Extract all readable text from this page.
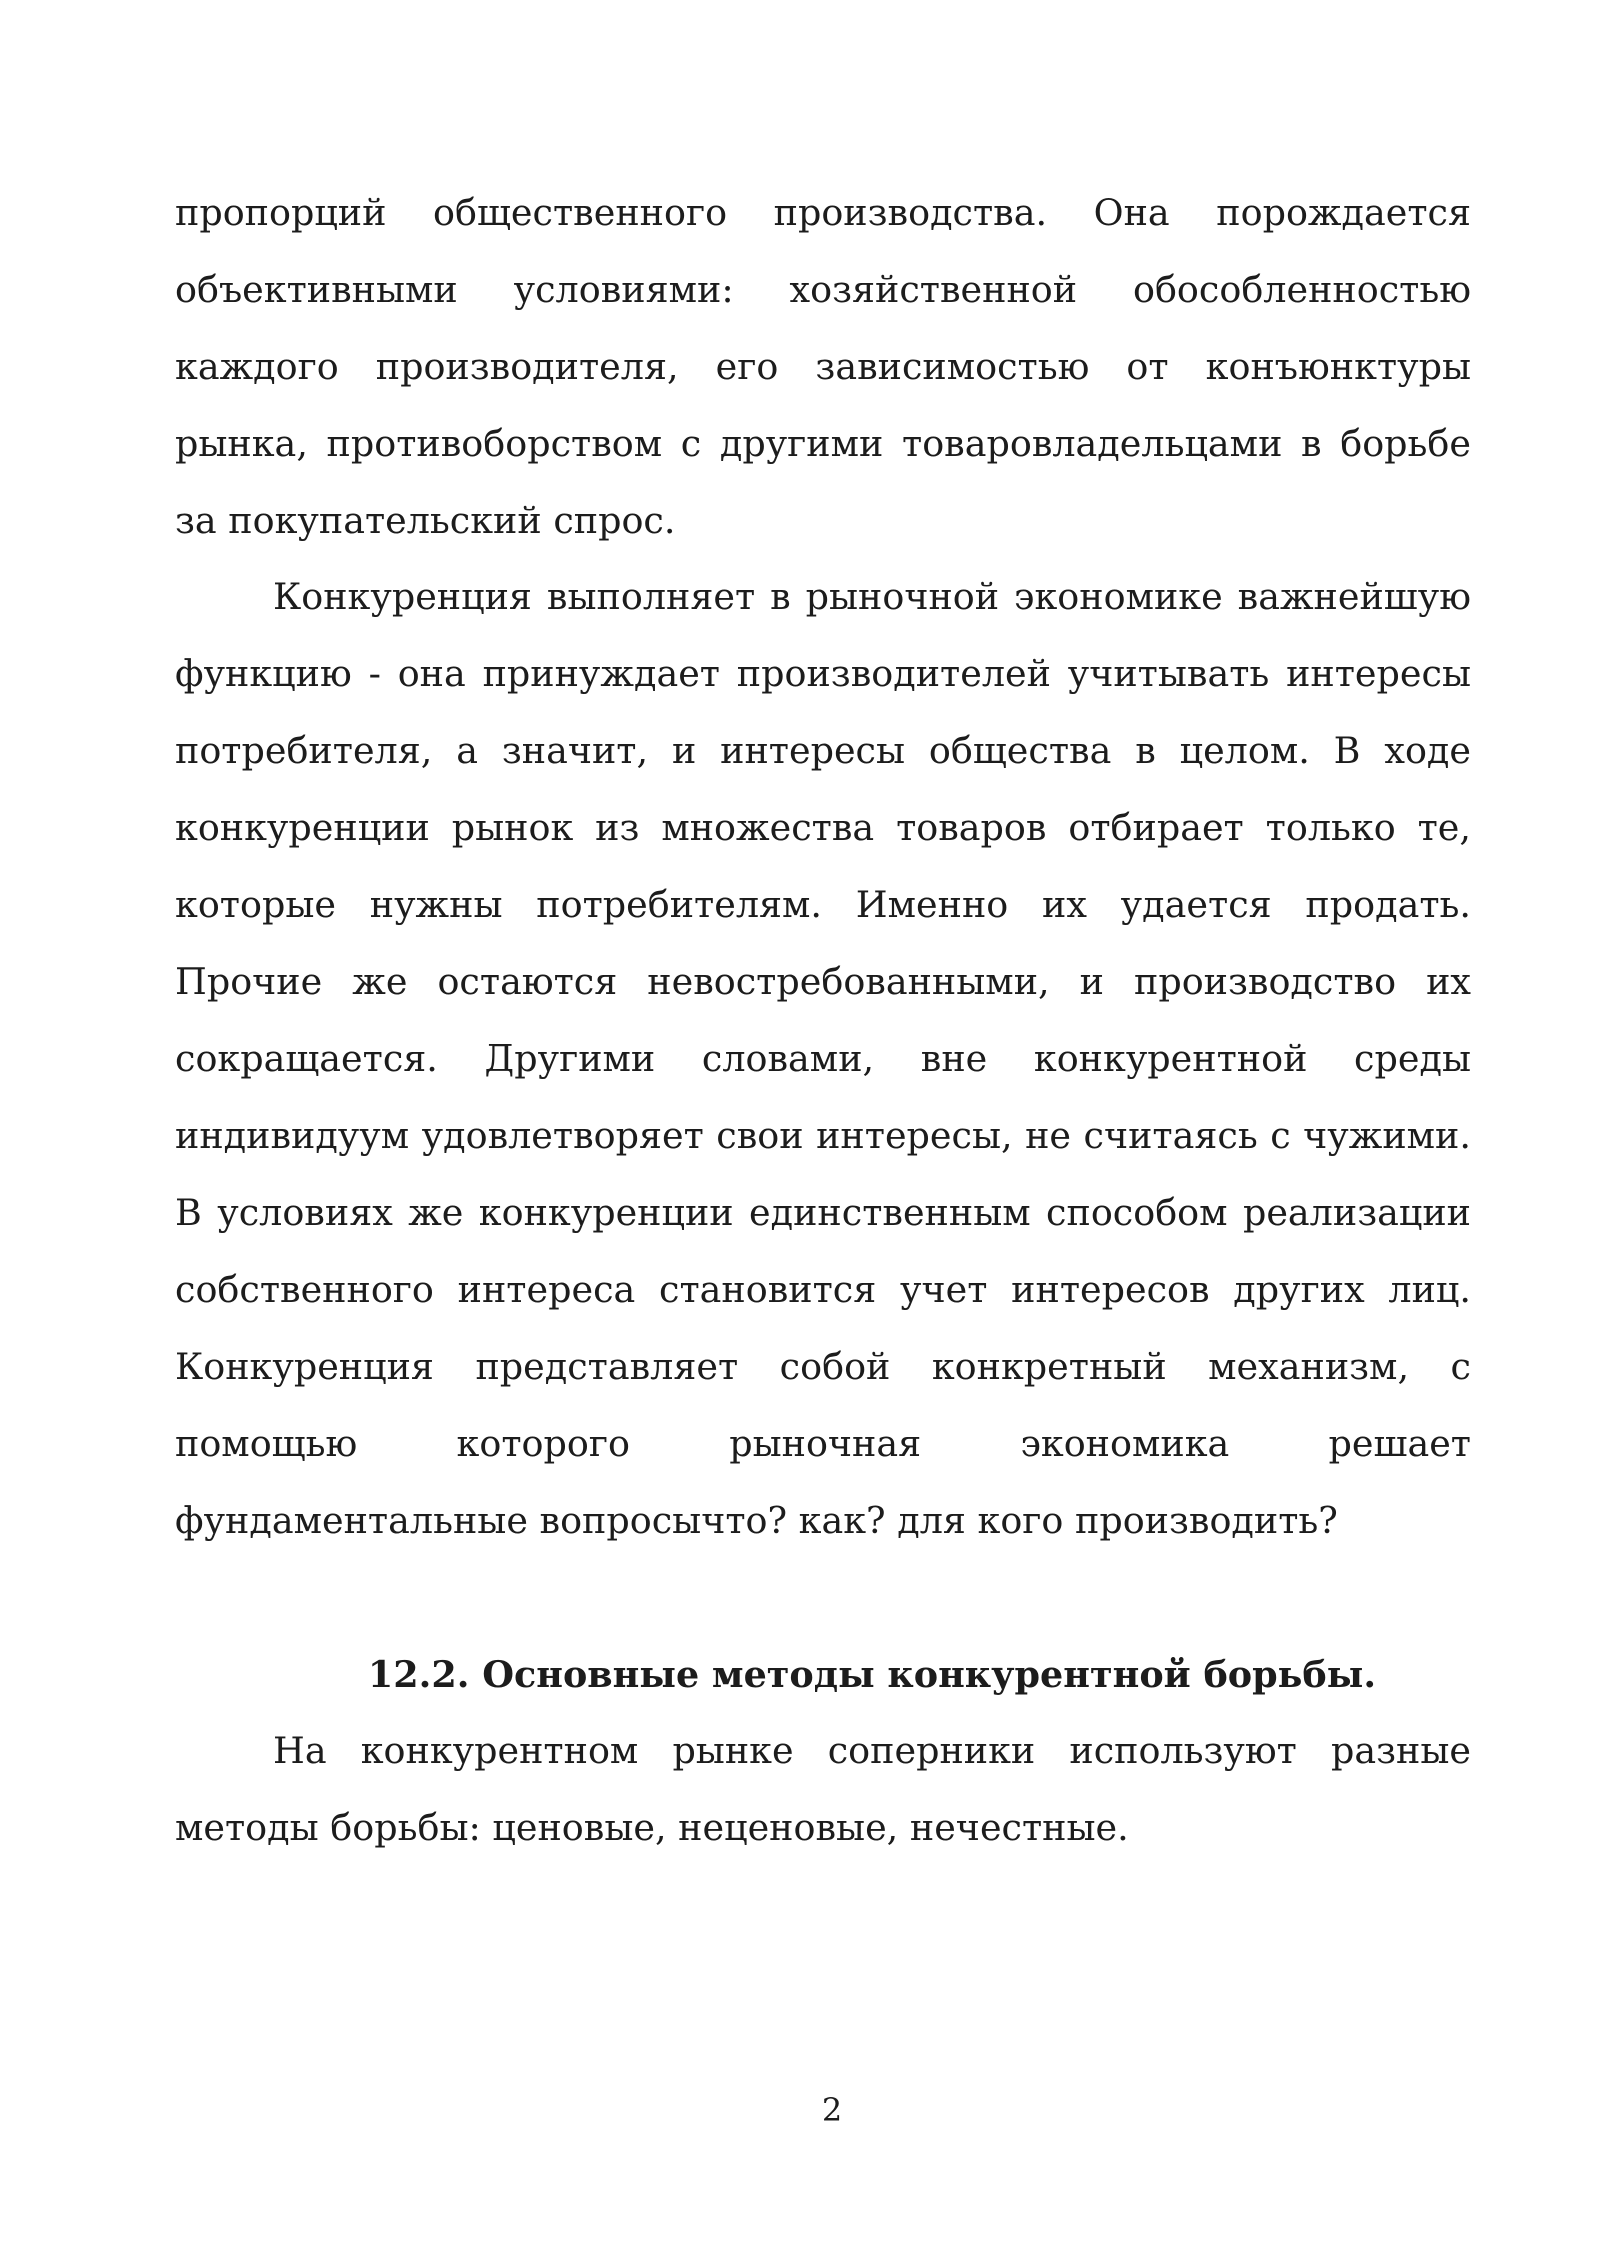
пропорций общественного производства. Она порождается объективными условиями: хозяйственной обособленностью каждого производителя, его зависимостью от конъюнктуры рынка, противоборством с другими товаровладельцами в борьбе за покупательский спрос.

Конкуренция выполняет в рыночной экономике важнейшую функцию - она принуждает производителей учитывать интересы потребителя, а значит, и интересы общества в целом. В ходе конкуренции рынок из множества товаров отбирает только те, которые нужны потребителям. Именно их удается продать. Прочие же остаются невостребованными, и производство их сокращается. Другими словами, вне конкурентной среды индивидуум удовлетворяет свои интересы, не считаясь с чужими. В условиях же конкуренции единственным способом реализации собственного интереса становится учет интересов других лиц. Конкуренция представляет собой конкретный механизм, с помощью которого рыночная экономика решает фундаментальные вопросычто? как? для кого производить?

12.2. Основные методы конкурентной борьбы.

На конкурентном рынке соперники используют разные методы борьбы: ценовые, неценовые, нечестные.

2
